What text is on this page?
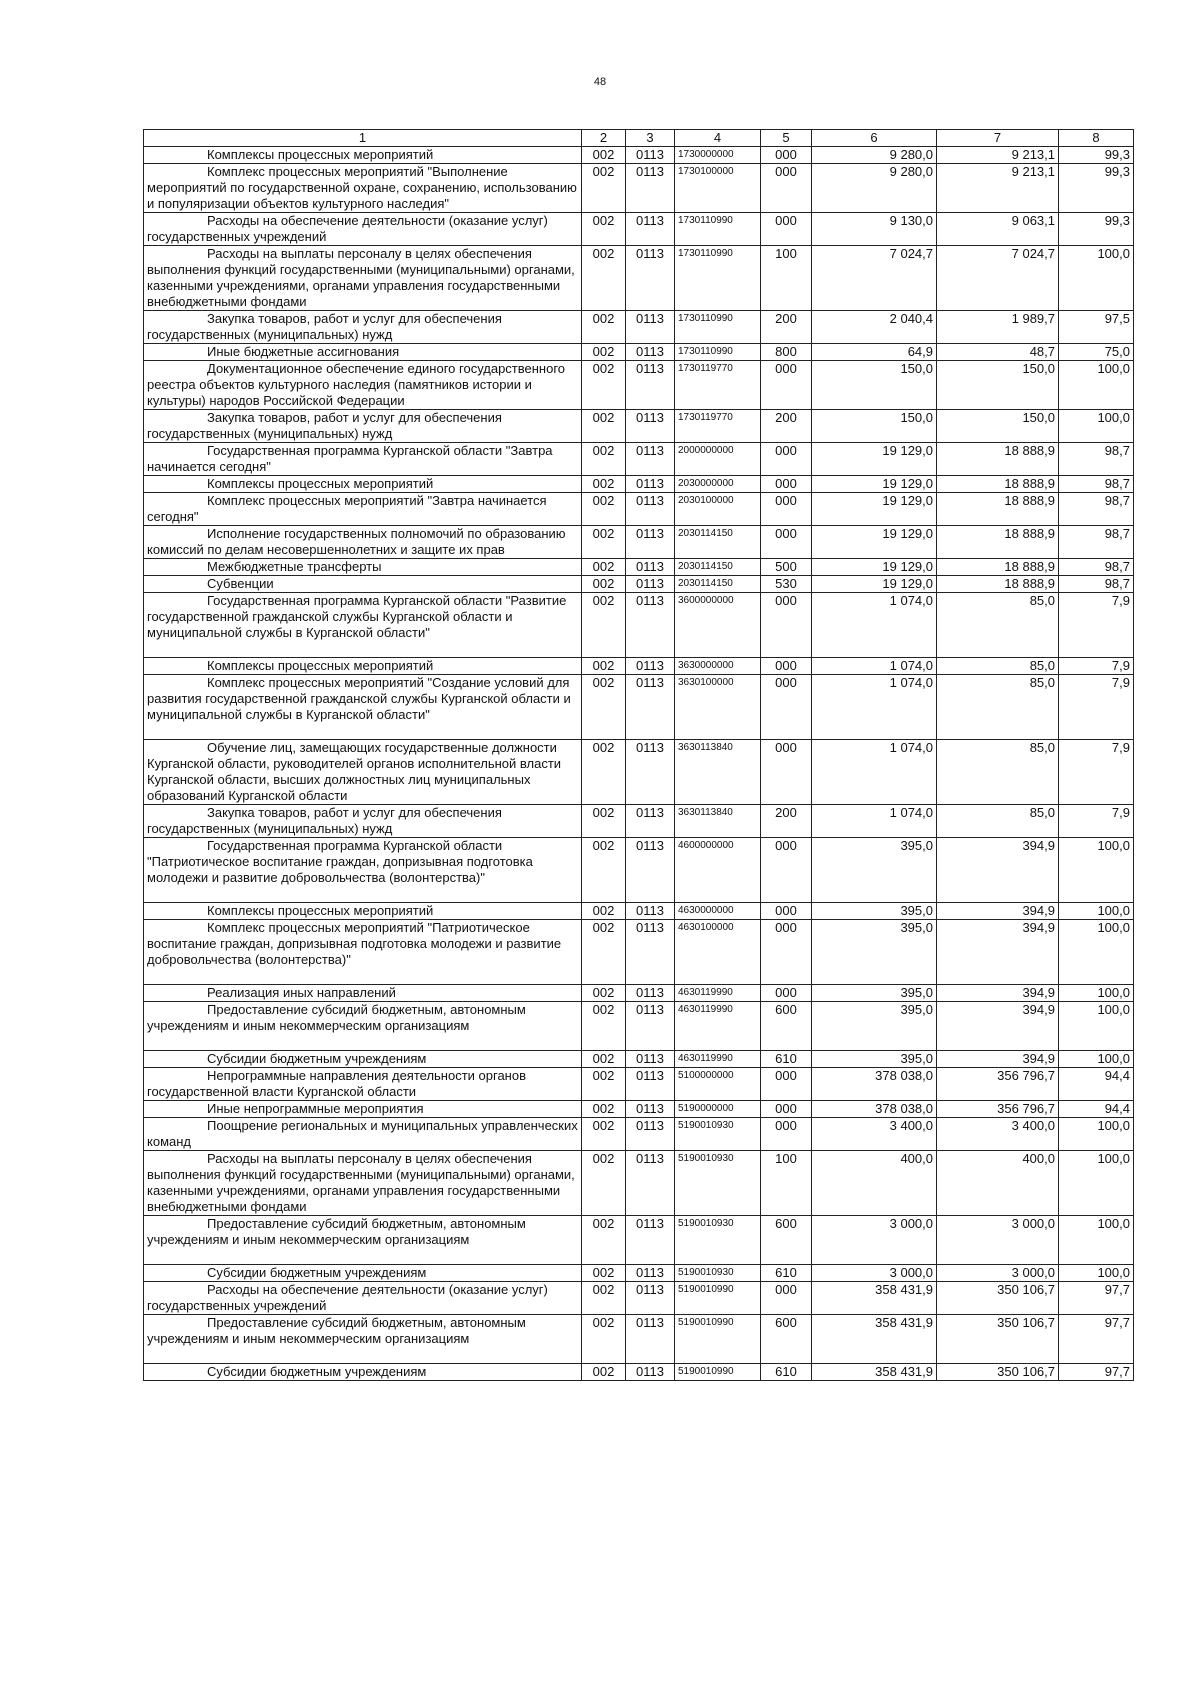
48
1	2	3	4	5	6	7	8
Комплексы процессных мероприятий	002	0113	1730000000	000	9 280,0	9 213,1	99,3
Комплекс процессных мероприятий "Выполнение мероприятий по государственной охране, сохранению, использованию и популяризации объектов культурного наследия"	002	0113	1730100000	000	9 280,0	9 213,1	99,3
Расходы на обеспечение деятельности (оказание услуг) государственных учреждений	002	0113	1730110990	000	9 130,0	9 063,1	99,3
Расходы на выплаты персоналу в целях обеспечения выполнения функций государственными (муниципальными) органами, казенными учреждениями, органами управления государственными внебюджетными фондами	002	0113	1730110990	100	7 024,7	7 024,7	100,0
Закупка товаров, работ и услуг для обеспечения государственных (муниципальных) нужд	002	0113	1730110990	200	2 040,4	1 989,7	97,5
Иные бюджетные ассигнования	002	0113	1730110990	800	64,9	48,7	75,0
Документационное обеспечение единого государственного реестра объектов культурного наследия (памятников истории и культуры) народов Российской Федерации	002	0113	1730119770	000	150,0	150,0	100,0
Закупка товаров, работ и услуг для обеспечения государственных (муниципальных) нужд	002	0113	1730119770	200	150,0	150,0	100,0
Государственная программа Курганской области "Завтра начинается сегодня"	002	0113	2000000000	000	19 129,0	18 888,9	98,7
Комплексы процессных мероприятий	002	0113	2030000000	000	19 129,0	18 888,9	98,7
Комплекс процессных мероприятий "Завтра начинается сегодня"	002	0113	2030100000	000	19 129,0	18 888,9	98,7
Исполнение государственных полномочий по образованию комиссий по делам несовершеннолетних и защите их прав	002	0113	2030114150	000	19 129,0	18 888,9	98,7
Межбюджетные трансферты	002	0113	2030114150	500	19 129,0	18 888,9	98,7
Субвенции	002	0113	2030114150	530	19 129,0	18 888,9	98,7
Государственная программа Курганской области "Развитие государственной гражданской службы Курганской области и муниципальной службы в Курганской области"	002	0113	3600000000	000	1 074,0	85,0	7,9
Комплексы процессных мероприятий	002	0113	3630000000	000	1 074,0	85,0	7,9
Комплекс процессных мероприятий "Создание условий для развития государственной гражданской службы Курганской области и муниципальной службы в Курганской области"	002	0113	3630100000	000	1 074,0	85,0	7,9
Обучение лиц, замещающих государственные должности Курганской области, руководителей органов исполнительной власти Курганской области, высших должностных лиц муниципальных образований Курганской области	002	0113	3630113840	000	1 074,0	85,0	7,9
Закупка товаров, работ и услуг для обеспечения государственных (муниципальных) нужд	002	0113	3630113840	200	1 074,0	85,0	7,9
Государственная программа Курганской области "Патриотическое воспитание граждан, допризывная подготовка молодежи и развитие добровольчества (волонтерства)"	002	0113	4600000000	000	395,0	394,9	100,0
Комплексы процессных мероприятий	002	0113	4630000000	000	395,0	394,9	100,0
Комплекс процессных мероприятий "Патриотическое воспитание граждан, допризывная подготовка молодежи и развитие добровольчества (волонтерства)"	002	0113	4630100000	000	395,0	394,9	100,0
Реализация иных направлений	002	0113	4630119990	000	395,0	394,9	100,0
Предоставление субсидий бюджетным, автономным учреждениям и иным некоммерческим организациям	002	0113	4630119990	600	395,0	394,9	100,0
Субсидии бюджетным учреждениям	002	0113	4630119990	610	395,0	394,9	100,0
Непрограммные направления деятельности органов государственной власти Курганской области	002	0113	5100000000	000	378 038,0	356 796,7	94,4
Иные непрограммные мероприятия	002	0113	5190000000	000	378 038,0	356 796,7	94,4
Поощрение региональных и муниципальных управленческих команд	002	0113	5190010930	000	3 400,0	3 400,0	100,0
Расходы на выплаты персоналу в целях обеспечения выполнения функций государственными (муниципальными) органами, казенными учреждениями, органами управления государственными внебюджетными фондами	002	0113	5190010930	100	400,0	400,0	100,0
Предоставление субсидий бюджетным, автономным учреждениям и иным некоммерческим организациям	002	0113	5190010930	600	3 000,0	3 000,0	100,0
Субсидии бюджетным учреждениям	002	0113	5190010930	610	3 000,0	3 000,0	100,0
Расходы на обеспечение деятельности (оказание услуг) государственных учреждений	002	0113	5190010990	000	358 431,9	350 106,7	97,7
Предоставление субсидий бюджетным, автономным учреждениям и иным некоммерческим организациям	002	0113	5190010990	600	358 431,9	350 106,7	97,7
Субсидии бюджетным учреждениям	002	0113	5190010990	610	358 431,9	350 106,7	97,7
